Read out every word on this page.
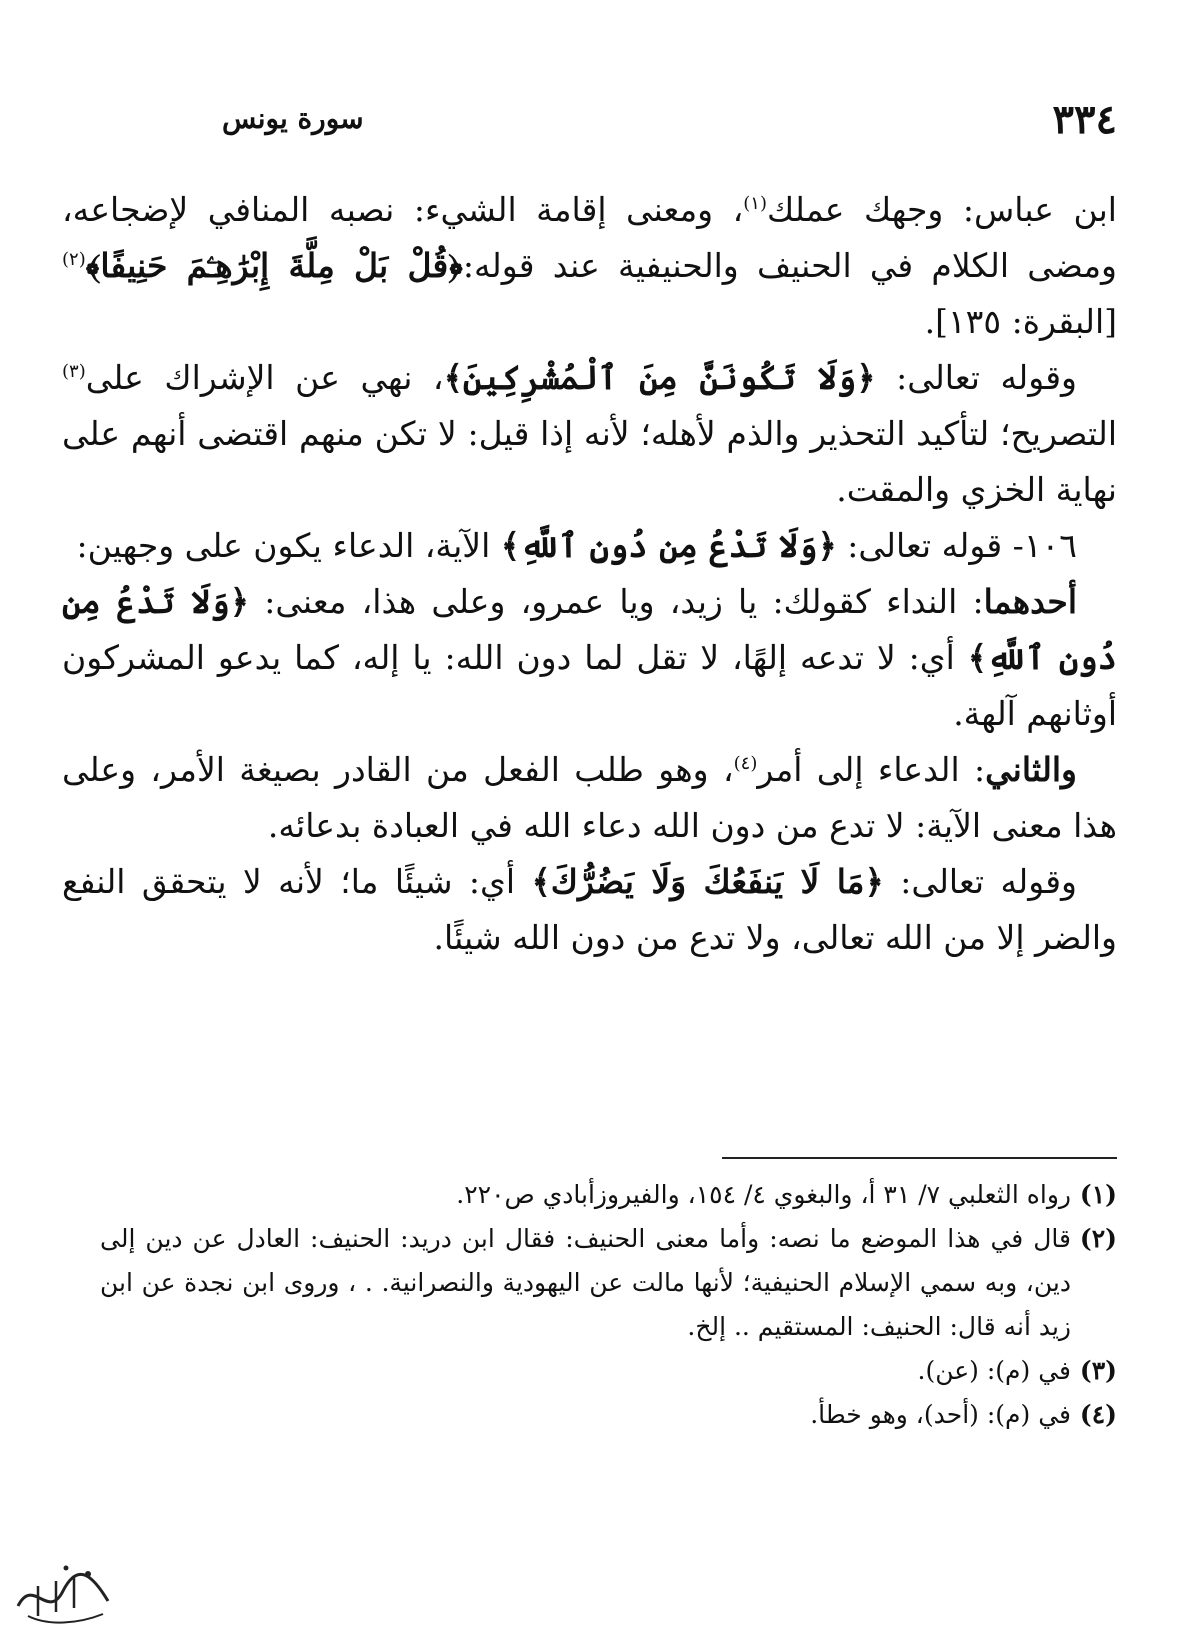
٣٣٤
سورة يونس

ابن عباس: وجهك عملك$^{(١)}$، ومعنى إقامة الشيء: نصبه المنافي لإضجاعه، ومضى الكلام في الحنيف والحنيفية عند قوله:﴿قُلْ بَلْ مِلَّةَ إِبْرَٰهِـۧمَ حَنِيفًا﴾$^{(٢)}$ [البقرة: ١٣٥].

وقوله تعالى: ﴿وَلَا تَكُونَنَّ مِنَ ٱلْمُشْرِكِينَ﴾، نهي عن الإشراك على$^{(٣)}$ التصريح؛ لتأكيد التحذير والذم لأهله؛ لأنه إذا قيل: لا تكن منهم اقتضى أنهم على نهاية الخزي والمقت.

١٠٦- قوله تعالى: ﴿وَلَا تَدْعُ مِن دُونِ ٱللَّهِ﴾ الآية، الدعاء يكون على وجهين:

أحدهما: النداء كقولك: يا زيد، ويا عمرو، وعلى هذا، معنى: ﴿وَلَا تَدْعُ مِن دُونِ ٱللَّهِ﴾ أي: لا تدعه إلهًا، لا تقل لما دون الله: يا إله، كما يدعو المشركون أوثانهم آلهة.

والثاني: الدعاء إلى أمر$^{(٤)}$، وهو طلب الفعل من القادر بصيغة الأمر، وعلى هذا معنى الآية: لا تدع من دون الله دعاء الله في العبادة بدعائه.

وقوله تعالى: ﴿مَا لَا يَنفَعُكَ وَلَا يَضُرُّكَ﴾ أي: شيئًا ما؛ لأنه لا يتحقق النفع والضر إلا من الله تعالى، ولا تدع من دون الله شيئًا.

(١)
رواه الثعلبي ٧/ ٣١ أ، والبغوي ٤/ ١٥٤، والفيروزأبادي ص٢٢٠.
(٢)
قال في هذا الموضع ما نصه: وأما معنى الحنيف: فقال ابن دريد: الحنيف: العادل عن دين إلى دين، وبه سمي الإسلام الحنيفية؛ لأنها مالت عن اليهودية والنصرانية. . ، وروى ابن نجدة عن ابن زيد أنه قال: الحنيف: المستقيم .. إلخ.
(٣)
في (م): (عن).
(٤)
في (م): (أحد)، وهو خطأ.
